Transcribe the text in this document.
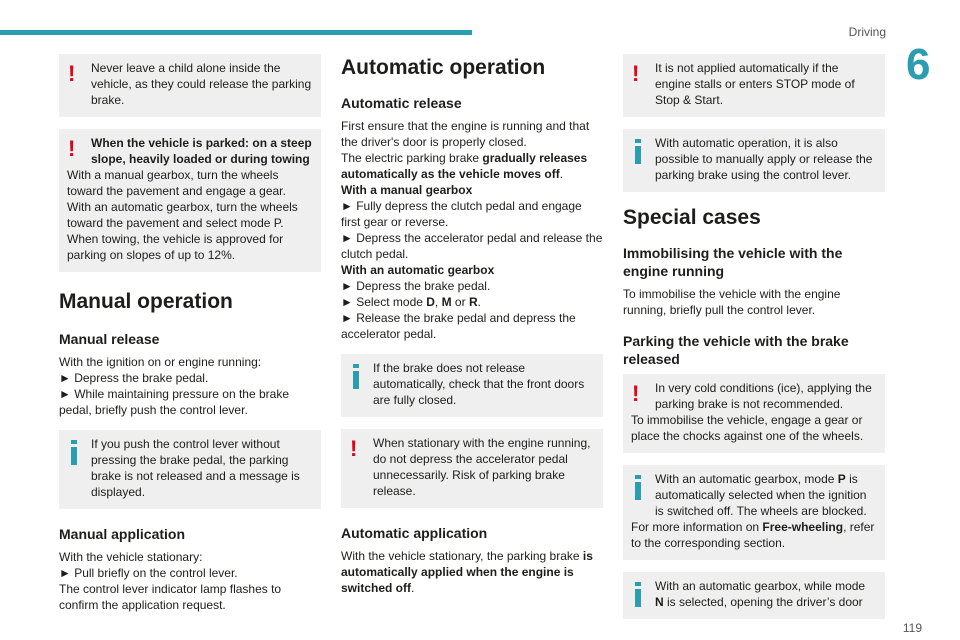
Driving
6
119
!	Never leave a child alone inside the vehicle, as they could release the parking brake.

!	When the vehicle is parked: on a steep slope, heavily loaded or during towing

With a manual gearbox, turn the wheels toward the pavement and engage a gear.

With an automatic gearbox, turn the wheels toward the pavement and select mode P.

When towing, the vehicle is approved for parking on slopes of up to 12%.

Manual operation
Manual release

With the ignition on or engine running:

► Depress the brake pedal.

► While maintaining pressure on the brake pedal, briefly push the control lever.

If you push the control lever without pressing the brake pedal, the parking brake is not released and a message is displayed.

Manual application

With the vehicle stationary:

► Pull briefly on the control lever.

The control lever indicator lamp flashes to confirm the application request.

Automatic operation
Automatic release

First ensure that the engine is running and that the driver's door is properly closed.

The electric parking brake gradually releases automatically as the vehicle moves off.

With a manual gearbox

► Fully depress the clutch pedal and engage first gear or reverse.

► Depress the accelerator pedal and release the clutch pedal.

With an automatic gearbox

► Depress the brake pedal.

► Select mode D, M or R.

► Release the brake pedal and depress the accelerator pedal.

If the brake does not release automatically, check that the front doors are fully closed.

!	When stationary with the engine running, do not depress the accelerator pedal unnecessarily. Risk of parking brake release.

Automatic application

With the vehicle stationary, the parking brake is automatically applied when the engine is switched off.

!	It is not applied automatically if the engine stalls or enters STOP mode of Stop & Start.

With automatic operation, it is also possible to manually apply or release the parking brake using the control lever.

Special cases
Immobilising the vehicle with the engine running

To immobilise the vehicle with the engine running, briefly pull the control lever.

Parking the vehicle with the brake released
!	In very cold conditions (ice), applying the parking brake is not recommended.

To immobilise the vehicle, engage a gear or place the chocks against one of the wheels.

With an automatic gearbox, mode P is automatically selected when the ignition is switched off. The wheels are blocked.

For more information on Free-wheeling, refer to the corresponding section.

With an automatic gearbox, while mode N is selected, opening the driver’s door
